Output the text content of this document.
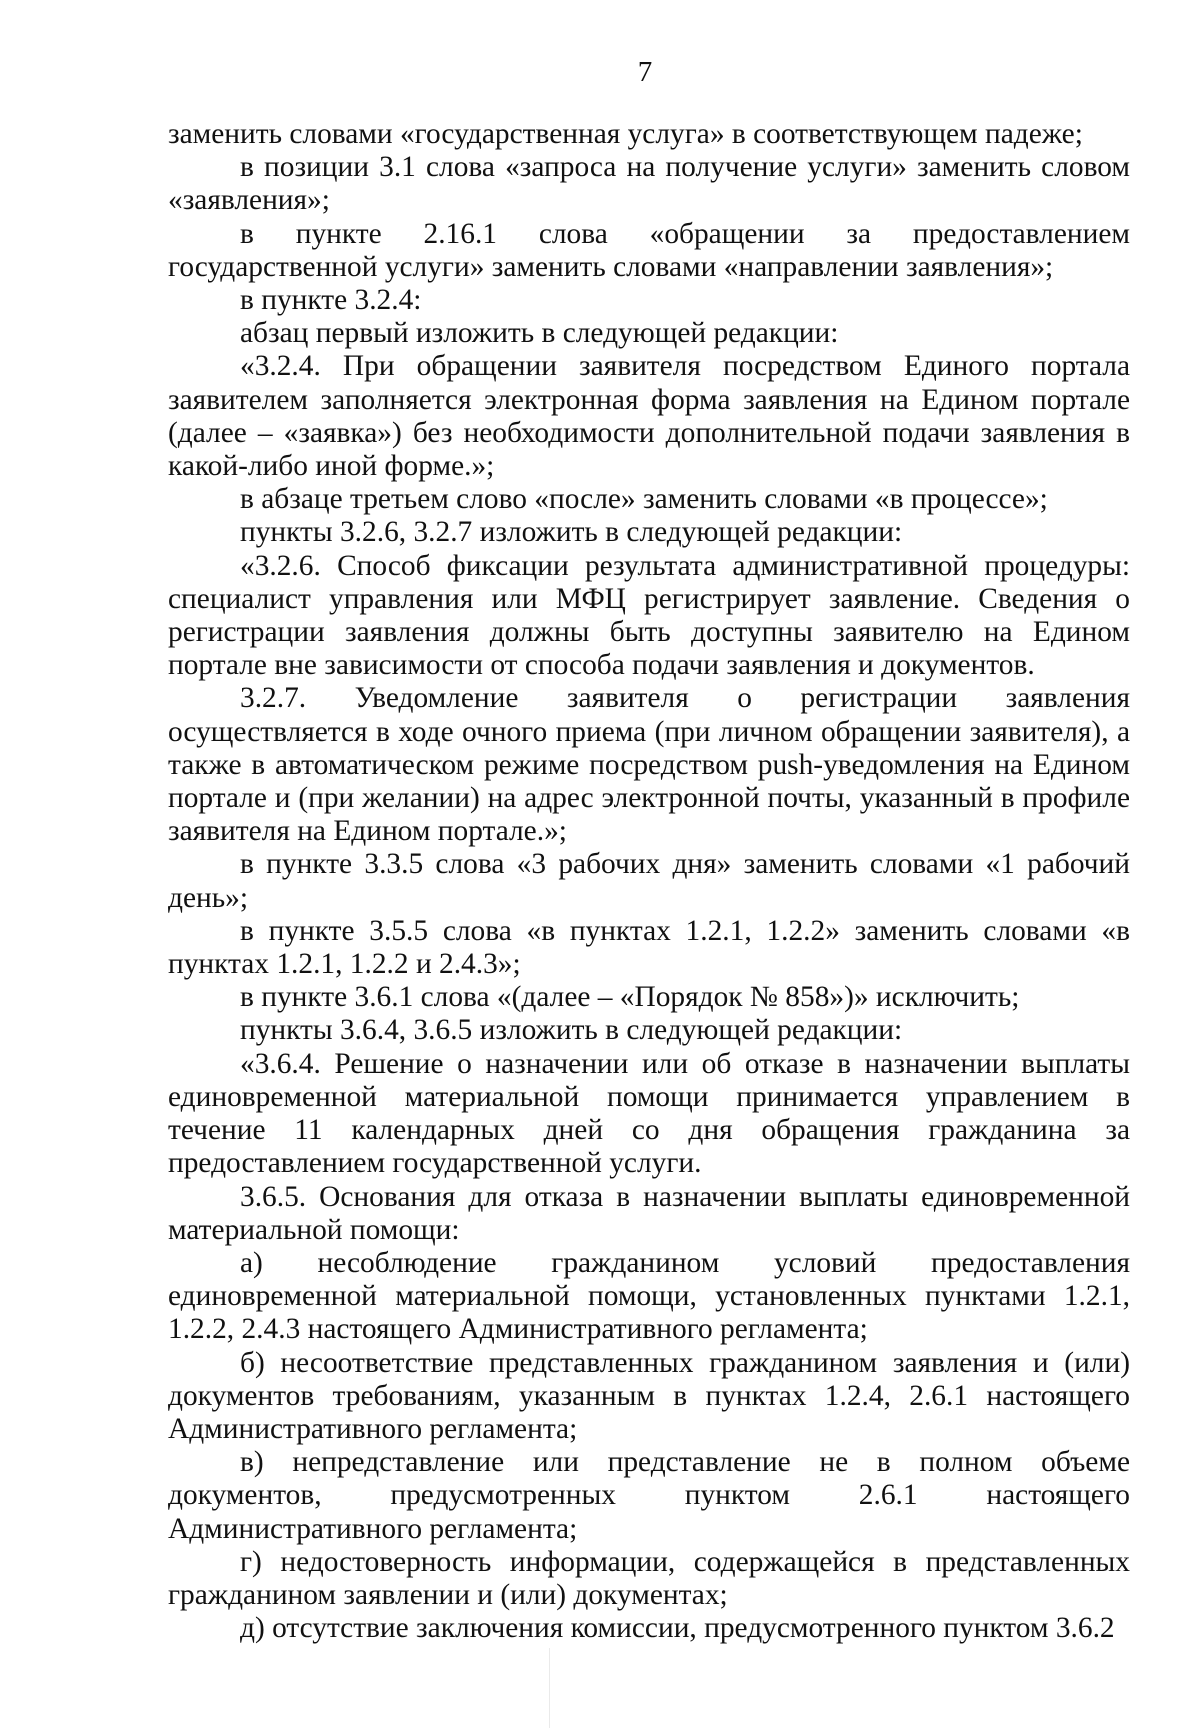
7

заменить словами «государственная услуга» в соответствующем падеже;

в позиции 3.1 слова «запроса на получение услуги» заменить словом «заявления»;

в пункте 2.16.1 слова «обращении за предоставлением государственной услуги» заменить словами «направлении заявления»;

в пункте 3.2.4:

абзац первый изложить в следующей редакции:

«3.2.4. При обращении заявителя посредством Единого портала заявителем заполняется электронная форма заявления на Едином портале (далее – «заявка») без необходимости дополнительной подачи заявления в какой-либо иной форме.»;

в абзаце третьем слово «после» заменить словами «в процессе»;

пункты 3.2.6, 3.2.7 изложить в следующей редакции:

«3.2.6. Способ фиксации результата административной процедуры: специалист управления или МФЦ регистрирует заявление. Сведения о регистрации заявления должны быть доступны заявителю на Едином портале вне зависимости от способа подачи заявления и документов.

3.2.7. Уведомление заявителя о регистрации заявления осуществляется в ходе очного приема (при личном обращении заявителя), а также в автоматическом режиме посредством push-уведомления на Едином портале и (при желании) на адрес электронной почты, указанный в профиле заявителя на Едином портале.»;

в пункте 3.3.5 слова «3 рабочих дня» заменить словами «1 рабочий день»;

в пункте 3.5.5 слова «в пунктах 1.2.1, 1.2.2» заменить словами «в пунктах 1.2.1, 1.2.2 и 2.4.3»;

в пункте 3.6.1 слова «(далее – «Порядок № 858»)» исключить;

пункты 3.6.4, 3.6.5 изложить в следующей редакции:

«3.6.4. Решение о назначении или об отказе в назначении выплаты единовременной материальной помощи принимается управлением в течение 11 календарных дней со дня обращения гражданина за предоставлением государственной услуги.

3.6.5. Основания для отказа в назначении выплаты единовременной материальной помощи:

а) несоблюдение гражданином условий предоставления единовременной материальной помощи, установленных пунктами 1.2.1, 1.2.2, 2.4.3 настоящего Административного регламента;

б) несоответствие представленных гражданином заявления и (или) документов требованиям, указанным в пунктах 1.2.4, 2.6.1 настоящего Административного регламента;

в) непредставление или представление не в полном объеме документов, предусмотренных пунктом 2.6.1 настоящего Административного регламента;

г) недостоверность информации, содержащейся в представленных гражданином заявлении и (или) документах;

д) отсутствие заключения комиссии, предусмотренного пунктом 3.6.2
